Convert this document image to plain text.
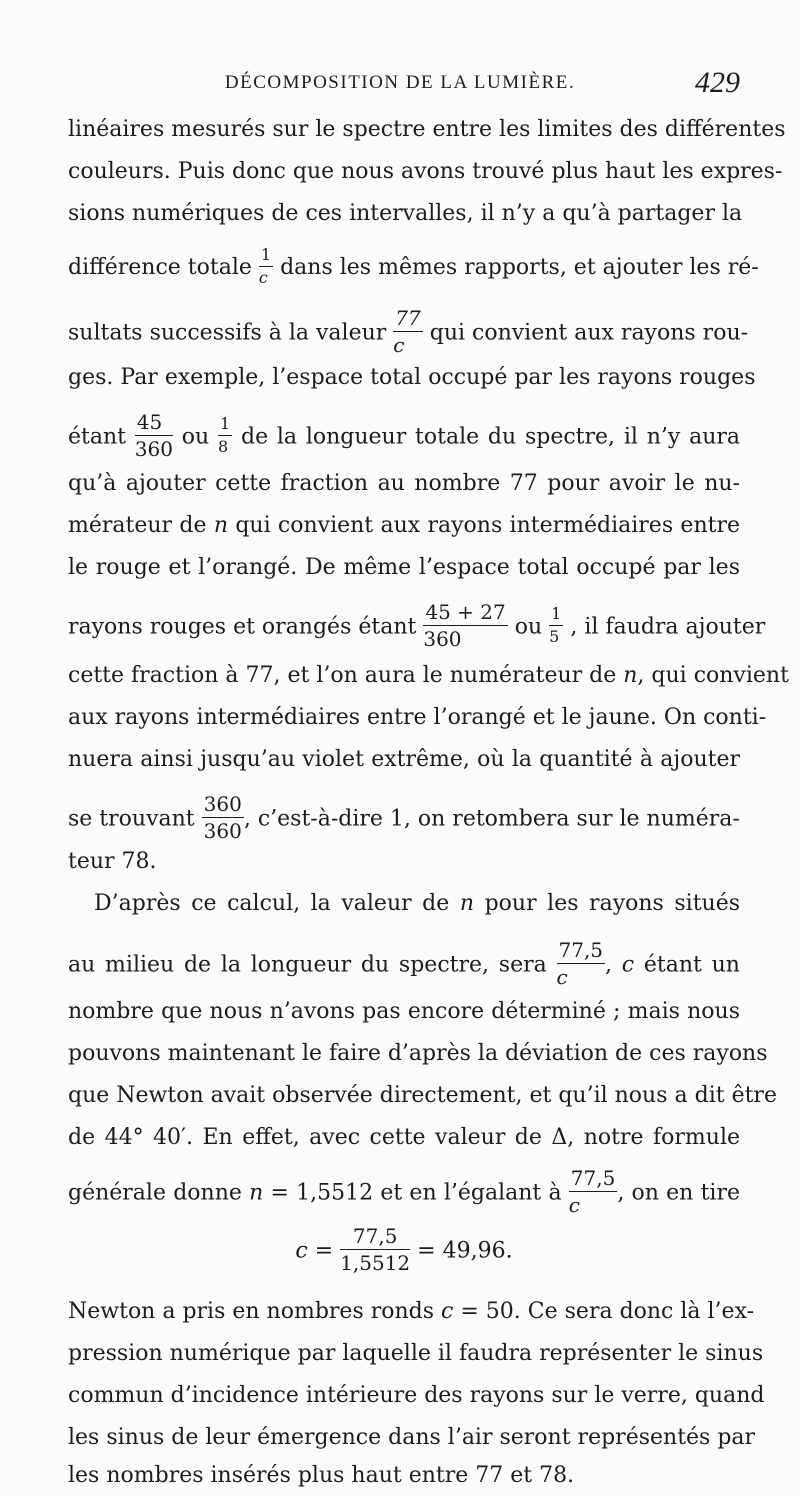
DÉCOMPOSITION DE LA LUMIÈRE.	429
linéaires mesurés sur le spectre entre les limites des différentes
couleurs. Puis donc que nous avons trouvé plus haut les expres-
sions numériques de ces intervalles, il n’y a qu’à partager la
différence totale $\frac{1}{c}$ dans les mêmes rapports, et ajouter les ré-
sultats successifs à la valeur $\frac{77}{c}$ qui convient aux rayons rou-
ges. Par exemple, l’espace total occupé par les rayons rouges
étant $\frac{45}{360}$ ou $\frac{1}{8}$ de la longueur totale du spectre, il n’y aura
qu’à ajouter cette fraction au nombre 77 pour avoir le nu-
mérateur de n qui convient aux rayons intermédiaires entre
le rouge et l’orangé. De même l’espace total occupé par les
rayons rouges et orangés étant $\frac{45 + 27}{360}$ ou $\frac{1}{5}$ , il faudra ajouter
cette fraction à 77, et l’on aura le numérateur de n, qui convient
aux rayons intermédiaires entre l’orangé et le jaune. On conti-
nuera ainsi jusqu’au violet extrême, où la quantité à ajouter
se trouvant $\frac{360}{360}$ , c’est-à-dire 1, on retombera sur le numéra-
teur 78.
D’après ce calcul, la valeur de n pour les rayons situés
au milieu de la longueur du spectre, sera $\frac{77,5}{c}$ , c étant un
nombre que nous n’avons pas encore déterminé ; mais nous
pouvons maintenant le faire d’après la déviation de ces rayons
que Newton avait observée directement, et qu’il nous a dit être
de 44° 40′. En effet, avec cette valeur de Δ, notre formule
générale donne n = 1,5512 et en l’égalant à $\frac{77,5}{c}$ , on en tire
$c = \frac{77,5}{1,5512} = 49,96$.
Newton a pris en nombres ronds c = 50. Ce sera donc là l’ex-
pression numérique par laquelle il faudra représenter le sinus
commun d’incidence intérieure des rayons sur le verre, quand
les sinus de leur émergence dans l’air seront représentés par
les nombres insérés plus haut entre 77 et 78.
